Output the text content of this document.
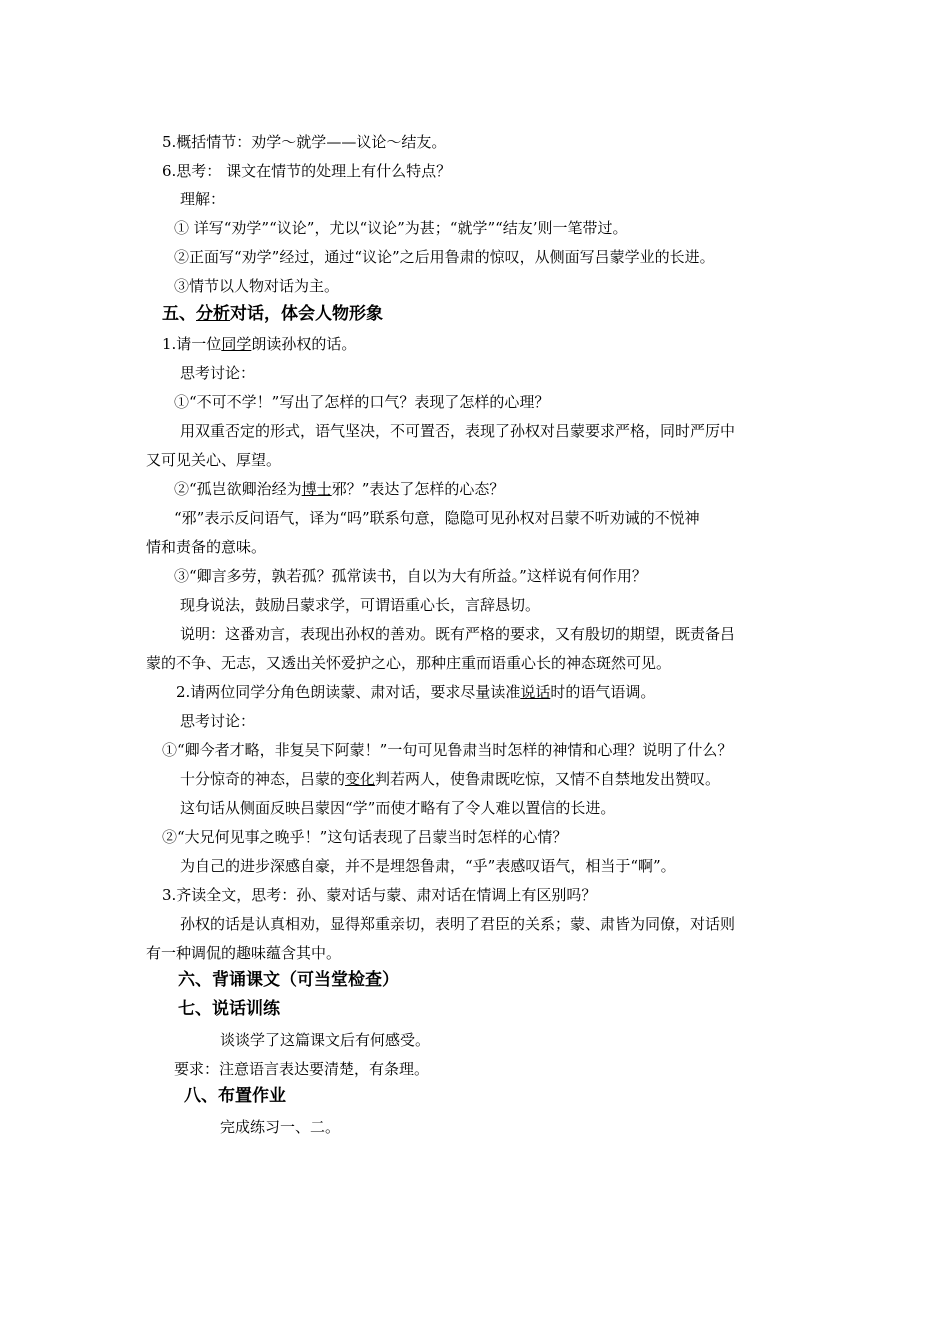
5.概括情节：劝学～就学——议论～结友。
6.思考： 课文在情节的处理上有什么特点？
理解：
① 详写“劝学”“议论”，尤以“议论”为甚；“就学”“结友’则一笔带过。
②正面写“劝学”经过，通过“议论”之后用鲁肃的惊叹，从侧面写吕蒙学业的长进。
③情节以人物对话为主。
五、分析对话，体会人物形象
1.请一位同学朗读孙权的话。
思考讨论：
①“不可不学！”写出了怎样的口气？表现了怎样的心理？
用双重否定的形式，语气坚决，不可置否，表现了孙权对吕蒙要求严格，同时严厉中
又可见关心、厚望。
②“孤岂欲卿治经为博士邪？”表达了怎样的心态？
“邪”表示反问语气，译为“吗”联系句意，隐隐可见孙权对吕蒙不听劝诫的不悦神
情和责备的意味。
③“卿言多劳，孰若孤？孤常读书，自以为大有所益。”这样说有何作用？
现身说法，鼓励吕蒙求学，可谓语重心长，言辞恳切。
说明：这番劝言，表现出孙权的善劝。既有严格的要求，又有殷切的期望，既责备吕
蒙的不争、无志，又透出关怀爱护之心，那种庄重而语重心长的神态斑然可见。
2.请两位同学分角色朗读蒙、肃对话，要求尽量读准说话时的语气语调。
思考讨论：
①“卿今者才略，非复吴下阿蒙！”一句可见鲁肃当时怎样的神情和心理？说明了什么？
十分惊奇的神态，吕蒙的变化判若两人，使鲁肃既吃惊，又情不自禁地发出赞叹。
这句话从侧面反映吕蒙因“学”而使才略有了令人难以置信的长进。
②“大兄何见事之晚乎！”这句话表现了吕蒙当时怎样的心情？
为自己的进步深感自豪，并不是埋怨鲁肃，“乎”表感叹语气，相当于“啊”。
3.齐读全文，思考：孙、蒙对话与蒙、肃对话在情调上有区别吗？
孙权的话是认真相劝，显得郑重亲切，表明了君臣的关系；蒙、肃皆为同僚，对话则
有一种调侃的趣味蕴含其中。
六、背诵课文（可当堂检查）
七、说话训练
谈谈学了这篇课文后有何感受。
要求：注意语言表达要清楚，有条理。
八、布置作业
完成练习一、二。
